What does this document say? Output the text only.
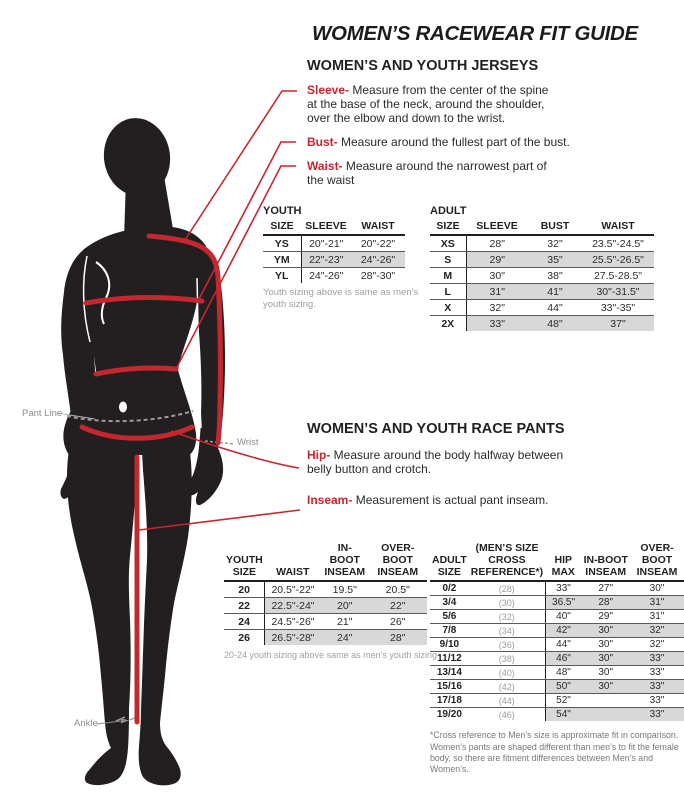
WOMEN’S RACEWEAR FIT GUIDE
WOMEN’S AND YOUTH JERSEYS
Sleeve- Measure from the center of the spine at the base of the neck, around the shoulder, over the elbow and down to the wrist.
Bust- Measure around the fullest part of the bust.
Waist- Measure around the narrowest part of the waist
YOUTH
SIZE	SLEEVE	WAIST
YS	20"-21"	20"-22"
YM	22"-23"	24"-26"
YL	24"-26"	28"-30"
Youth sizing above is same as men’s youth sizing.
ADULT
SIZE	SLEEVE	BUST	WAIST
XS	28"	32"	23.5"-24.5"
S	29"	35"	25.5"-26.5"
M	30"	38"	27.5-28.5"
L	31"	41"	30"-31.5"
X	32"	44"	33"-35"
2X	33"	48"	37"
WOMEN’S AND YOUTH RACE PANTS
Hip- Measure around the body halfway between belly button and crotch.
Inseam- Measurement is actual pant inseam.
YOUTH
SIZE	WAIST

IN-BOOT
INSEAM

OVER-BOOT
INSEAM

20	20.5"-22"	19.5"	20.5"
22	22.5"-24"	20"	22"
24	24.5"-26"	21"	26"
26	26.5"-28"	24"	28"
20-24 youth sizing above same as men’s youth sizing
ADULT
SIZE

(MEN’S SIZE
CROSS REFERENCE*)

HIP
MAX

IN-BOOT
INSEAM

OVER-BOOT
INSEAM

0/2	(28)	33"	27"	30"
3/4	(30)	36.5"	28"	31"
5/6	(32)	40"	29"	31"
7/8	(34)	42"	30"	32"
9/10	(36)	44"	30"	32"
11/12	(38)	46"	30"	33"
13/14	(40)	48"	30"	33"
15/16	(42)	50"	30"	33"
17/18	(44)	52"		33"
19/20	(46)	54"		33"
*Cross reference to Men’s size is approximate fit in comparison. Women’s pants are shaped different than men’s to fit the female body, so there are fitment differences between Men’s and Women’s.
Pant Line
Wrist
Ankle
